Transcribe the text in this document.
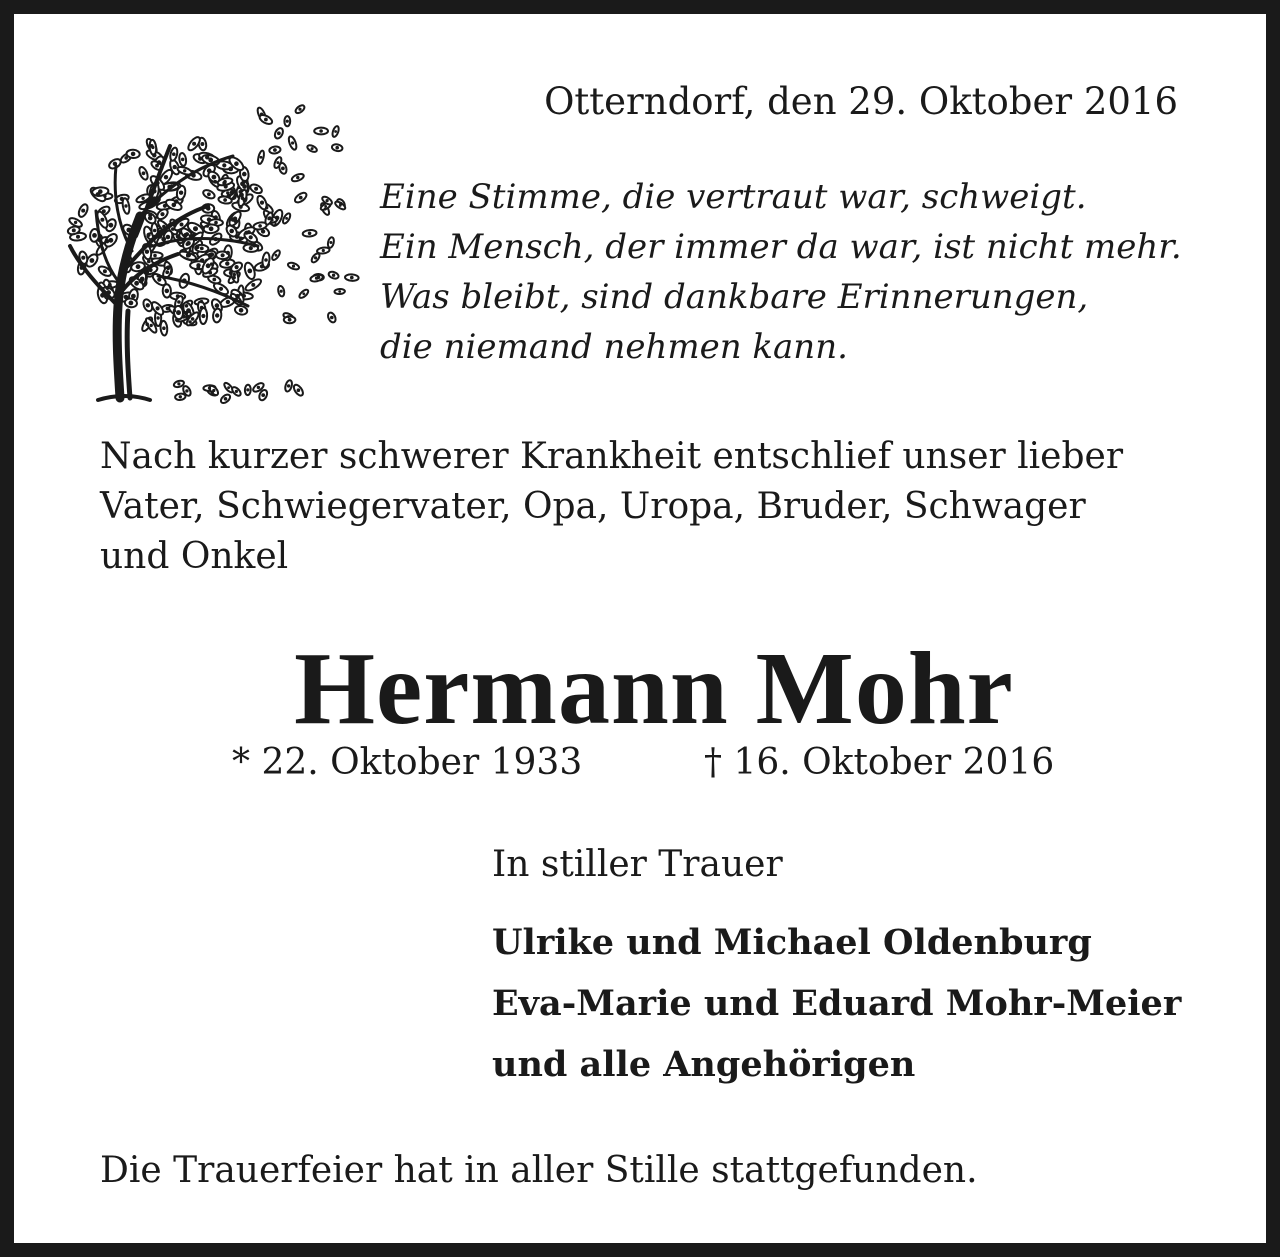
Otterndorf, den 29. Oktober 2016
Eine Stimme, die vertraut war, schweigt.
Ein Mensch, der immer da war, ist nicht mehr.
Was bleibt, sind dankbare Erinnerungen,
die niemand nehmen kann.
Nach kurzer schwerer Krankheit entschlief unser lieber
Vater, Schwiegervater, Opa, Uropa, Bruder, Schwager
und Onkel
Hermann Mohr
* 22. Oktober 1933	† 16. Oktober 2016
In stiller Trauer
Ulrike und Michael Oldenburg
Eva-Marie und Eduard Mohr-Meier
und alle Angehörigen
Die Trauerfeier hat in aller Stille stattgefunden.
